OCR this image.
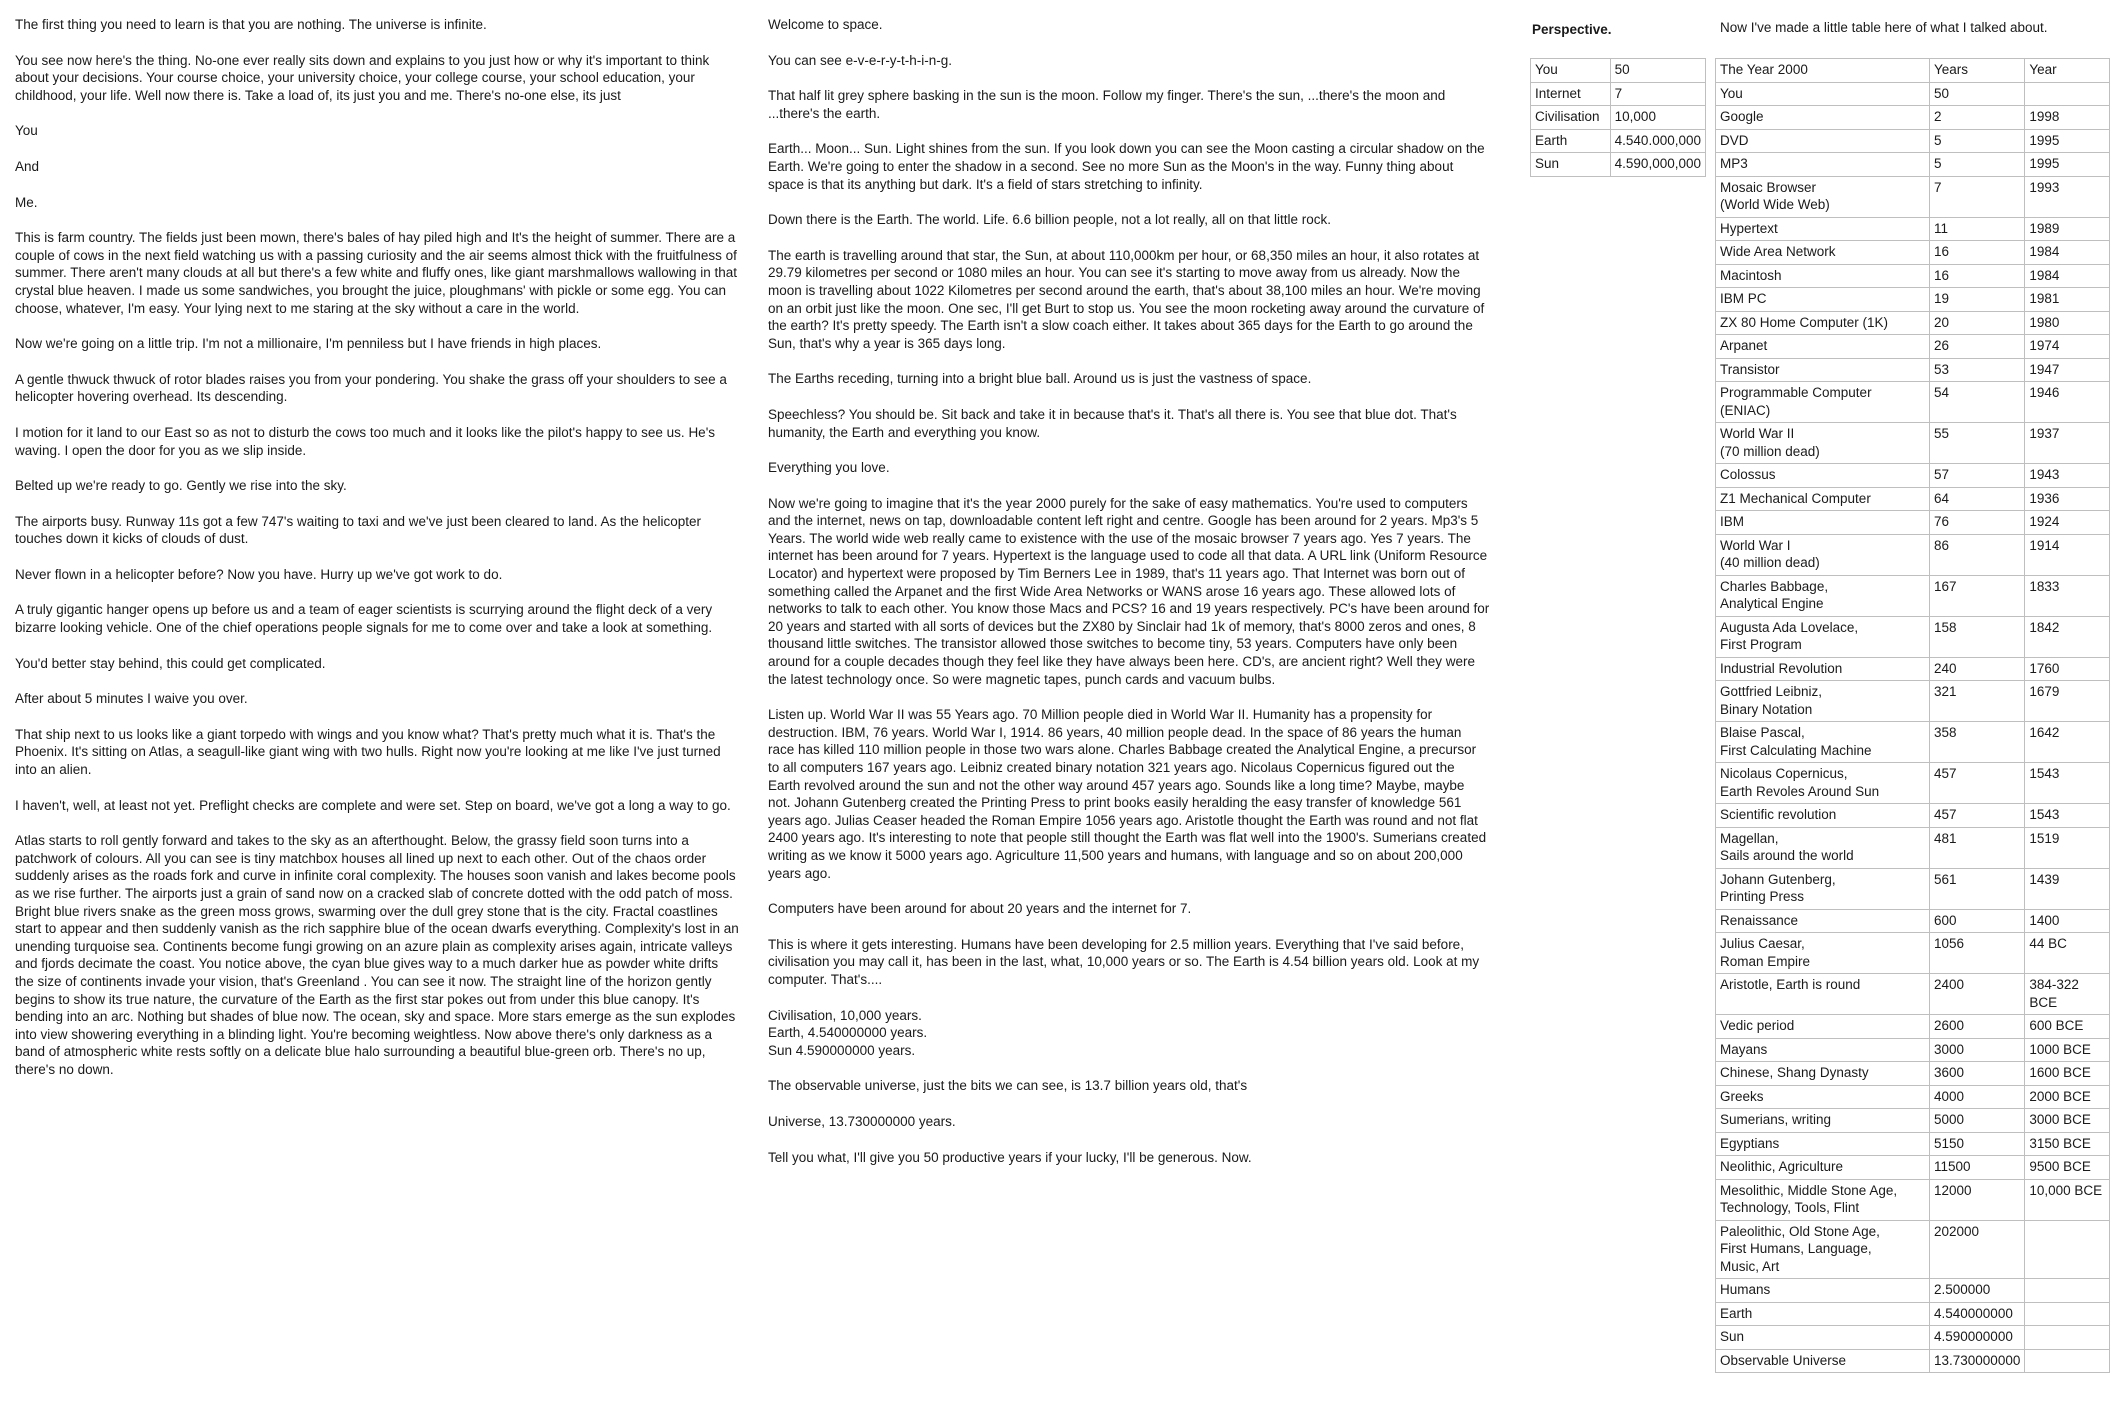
The first thing you need to learn is that you are nothing. The universe is infinite.

You see now here's the thing. No-one ever really sits down and explains to you just how or why it's important to think about your decisions. Your course choice, your university choice, your college course, your school education, your childhood, your life. Well now there is. Take a load of, its just you and me. There's no-one else, its just

You

And

Me.

This is farm country. The fields just been mown, there's bales of hay piled high and It's the height of summer. There are a couple of cows in the next field watching us with a passing curiosity and the air seems almost thick with the fruitfulness of summer. There aren't many clouds at all but there's a few white and fluffy ones, like giant marshmallows wallowing in that crystal blue heaven. I made us some sandwiches, you brought the juice, ploughmans' with pickle or some egg. You can choose, whatever, I'm easy. Your lying next to me staring at the sky without a care in the world.

Now we're going on a little trip. I'm not a millionaire, I'm penniless but I have friends in high places.

A gentle thwuck thwuck of rotor blades raises you from your pondering. You shake the grass off your shoulders to see a helicopter hovering overhead. Its descending.

I motion for it land to our East so as not to disturb the cows too much and it looks like the pilot's happy to see us. He's waving. I open the door for you as we slip inside.

Belted up we're ready to go. Gently we rise into the sky.

The airports busy. Runway 11s got a few 747's waiting to taxi and we've just been cleared to land. As the helicopter touches down it kicks of clouds of dust.

Never flown in a helicopter before? Now you have. Hurry up we've got work to do.

A truly gigantic hanger opens up before us and a team of eager scientists is scurrying around the flight deck of a very bizarre looking vehicle. One of the chief operations people signals for me to come over and take a look at something.

You'd better stay behind, this could get complicated.

After about 5 minutes I waive you over.

That ship next to us looks like a giant torpedo with wings and you know what? That's pretty much what it is. That's the Phoenix. It's sitting on Atlas, a seagull-like giant wing with two hulls. Right now you're looking at me like I've just turned into an alien.

I haven't, well, at least not yet. Preflight checks are complete and were set. Step on board, we've got a long a way to go.

Atlas starts to roll gently forward and takes to the sky as an afterthought. Below, the grassy field soon turns into a patchwork of colours. All you can see is tiny matchbox houses all lined up next to each other. Out of the chaos order suddenly arises as the roads fork and curve in infinite coral complexity. The houses soon vanish and lakes become pools as we rise further. The airports just a grain of sand now on a cracked slab of concrete dotted with the odd patch of moss. Bright blue rivers snake as the green moss grows, swarming over the dull grey stone that is the city. Fractal coastlines start to appear and then suddenly vanish as the rich sapphire blue of the ocean dwarfs everything. Complexity's lost in an unending turquoise sea. Continents become fungi growing on an azure plain as complexity arises again, intricate valleys and fjords decimate the coast. You notice above, the cyan blue gives way to a much darker hue as powder white drifts the size of continents invade your vision, that's Greenland . You can see it now. The straight line of the horizon gently begins to show its true nature, the curvature of the Earth as the first star pokes out from under this blue canopy. It's bending into an arc. Nothing but shades of blue now. The ocean, sky and space. More stars emerge as the sun explodes into view showering everything in a blinding light. You're becoming weightless. Now above there's only darkness as a band of atmospheric white rests softly on a delicate blue halo surrounding a beautiful blue-green orb. There's no up, there's no down.

Welcome to space.

You can see e-v-e-r-y-t-h-i-n-g.

That half lit grey sphere basking in the sun is the moon. Follow my finger. There's the sun, ...there's the moon and ...there's the earth.

Earth... Moon... Sun. Light shines from the sun. If you look down you can see the Moon casting a circular shadow on the Earth. We're going to enter the shadow in a second. See no more Sun as the Moon's in the way. Funny thing about space is that its anything but dark. It's a field of stars stretching to infinity.

Down there is the Earth. The world. Life. 6.6 billion people, not a lot really, all on that little rock.

The earth is travelling around that star, the Sun, at about 110,000km per hour, or 68,350 miles an hour, it also rotates at 29.79 kilometres per second or 1080 miles an hour. You can see it's starting to move away from us already. Now the moon is travelling about 1022 Kilometres per second around the earth, that's about 38,100 miles an hour. We're moving on an orbit just like the moon. One sec, I'll get Burt to stop us. You see the moon rocketing away around the curvature of the earth? It's pretty speedy. The Earth isn't a slow coach either. It takes about 365 days for the Earth to go around the Sun, that's why a year is 365 days long.

The Earths receding, turning into a bright blue ball. Around us is just the vastness of space.

Speechless? You should be. Sit back and take it in because that's it. That's all there is. You see that blue dot. That's humanity, the Earth and everything you know.

Everything you love.

Now we're going to imagine that it's the year 2000 purely for the sake of easy mathematics. You're used to computers and the internet, news on tap, downloadable content left right and centre. Google has been around for 2 years. Mp3's 5 Years. The world wide web really came to existence with the use of the mosaic browser 7 years ago. Yes 7 years. The internet has been around for 7 years. Hypertext is the language used to code all that data. A URL link (Uniform Resource Locator) and hypertext were proposed by Tim Berners Lee in 1989, that's 11 years ago. That Internet was born out of something called the Arpanet and the first Wide Area Networks or WANS arose 16 years ago. These allowed lots of networks to talk to each other. You know those Macs and PCS? 16 and 19 years respectively. PC's have been around for 20 years and started with all sorts of devices but the ZX80 by Sinclair had 1k of memory, that's 8000 zeros and ones, 8 thousand little switches. The transistor allowed those switches to become tiny, 53 years. Computers have only been around for a couple decades though they feel like they have always been here. CD's, are ancient right? Well they were the latest technology once. So were magnetic tapes, punch cards and vacuum bulbs.

Listen up. World War II was 55 Years ago. 70 Million people died in World War II. Humanity has a propensity for destruction. IBM, 76 years. World War I, 1914. 86 years, 40 million people dead. In the space of 86 years the human race has killed 110 million people in those two wars alone. Charles Babbage created the Analytical Engine, a precursor to all computers 167 years ago. Leibniz created binary notation 321 years ago. Nicolaus Copernicus figured out the Earth revolved around the sun and not the other way around 457 years ago. Sounds like a long time? Maybe, maybe not. Johann Gutenberg created the Printing Press to print books easily heralding the easy transfer of knowledge 561 years ago. Julias Ceaser headed the Roman Empire 1056 years ago. Aristotle thought the Earth was round and not flat 2400 years ago. It's interesting to note that people still thought the Earth was flat well into the 1900's. Sumerians created writing as we know it 5000 years ago. Agriculture 11,500 years and humans, with language and so on about 200,000 years ago.

Computers have been around for about 20 years and the internet for 7.

This is where it gets interesting. Humans have been developing for 2.5 million years. Everything that I've said before, civilisation you may call it, has been in the last, what, 10,000 years or so. The Earth is 4.54 billion years old. Look at my computer. That's....

Civilisation, 10,000 years.
Earth, 4.540000000 years.
Sun 4.590000000 years.

The observable universe, just the bits we can see, is 13.7 billion years old, that's

Universe, 13.730000000 years.

Tell you what, I'll give you 50 productive years if your lucky, I'll be generous. Now.

Perspective.
You	50
Internet	7
Civilisation	10,000
Earth	4.540.000,000
Sun	4.590,000,000
Now I've made a little table here of what I talked about.
The Year 2000	Years	Year
You	50	
Google	2	1998
DVD	5	1995
MP3	5	1995
Mosaic Browser
(World Wide Web)	7	1993
Hypertext	11	1989
Wide Area Network	16	1984
Macintosh	16	1984
IBM PC	19	1981
ZX 80 Home Computer (1K)	20	1980
Arpanet	26	1974
Transistor	53	1947
Programmable Computer (ENIAC)	54	1946
World War II
(70 million dead)	55	1937
Colossus	57	1943
Z1 Mechanical Computer	64	1936
IBM	76	1924
World War I
(40 million dead)	86	1914
Charles Babbage,
Analytical Engine	167	1833
Augusta Ada Lovelace,
First Program	158	1842
Industrial Revolution	240	1760
Gottfried Leibniz,
Binary Notation	321	1679
Blaise Pascal,
First Calculating Machine	358	1642
Nicolaus Copernicus,
Earth Revoles Around Sun	457	1543
Scientific revolution	457	1543
Magellan,
Sails around the world	481	1519
Johann Gutenberg,
Printing Press	561	1439
Renaissance	600	1400
Julius Caesar,
Roman Empire	1056	44 BC
Aristotle, Earth is round	2400	384-322 BCE
Vedic period	2600	600 BCE
Mayans	3000	1000 BCE
Chinese, Shang Dynasty	3600	1600 BCE
Greeks	4000	2000 BCE
Sumerians, writing	5000	3000 BCE
Egyptians	5150	3150 BCE
Neolithic, Agriculture	11500	9500 BCE
Mesolithic, Middle Stone Age,
Technology, Tools, Flint	12000	10,000 BCE
Paleolithic, Old Stone Age,
First Humans, Language,
Music, Art	202000	
Humans	2.500000	
Earth	4.540000000	
Sun	4.590000000	
Observable Universe	13.730000000	
